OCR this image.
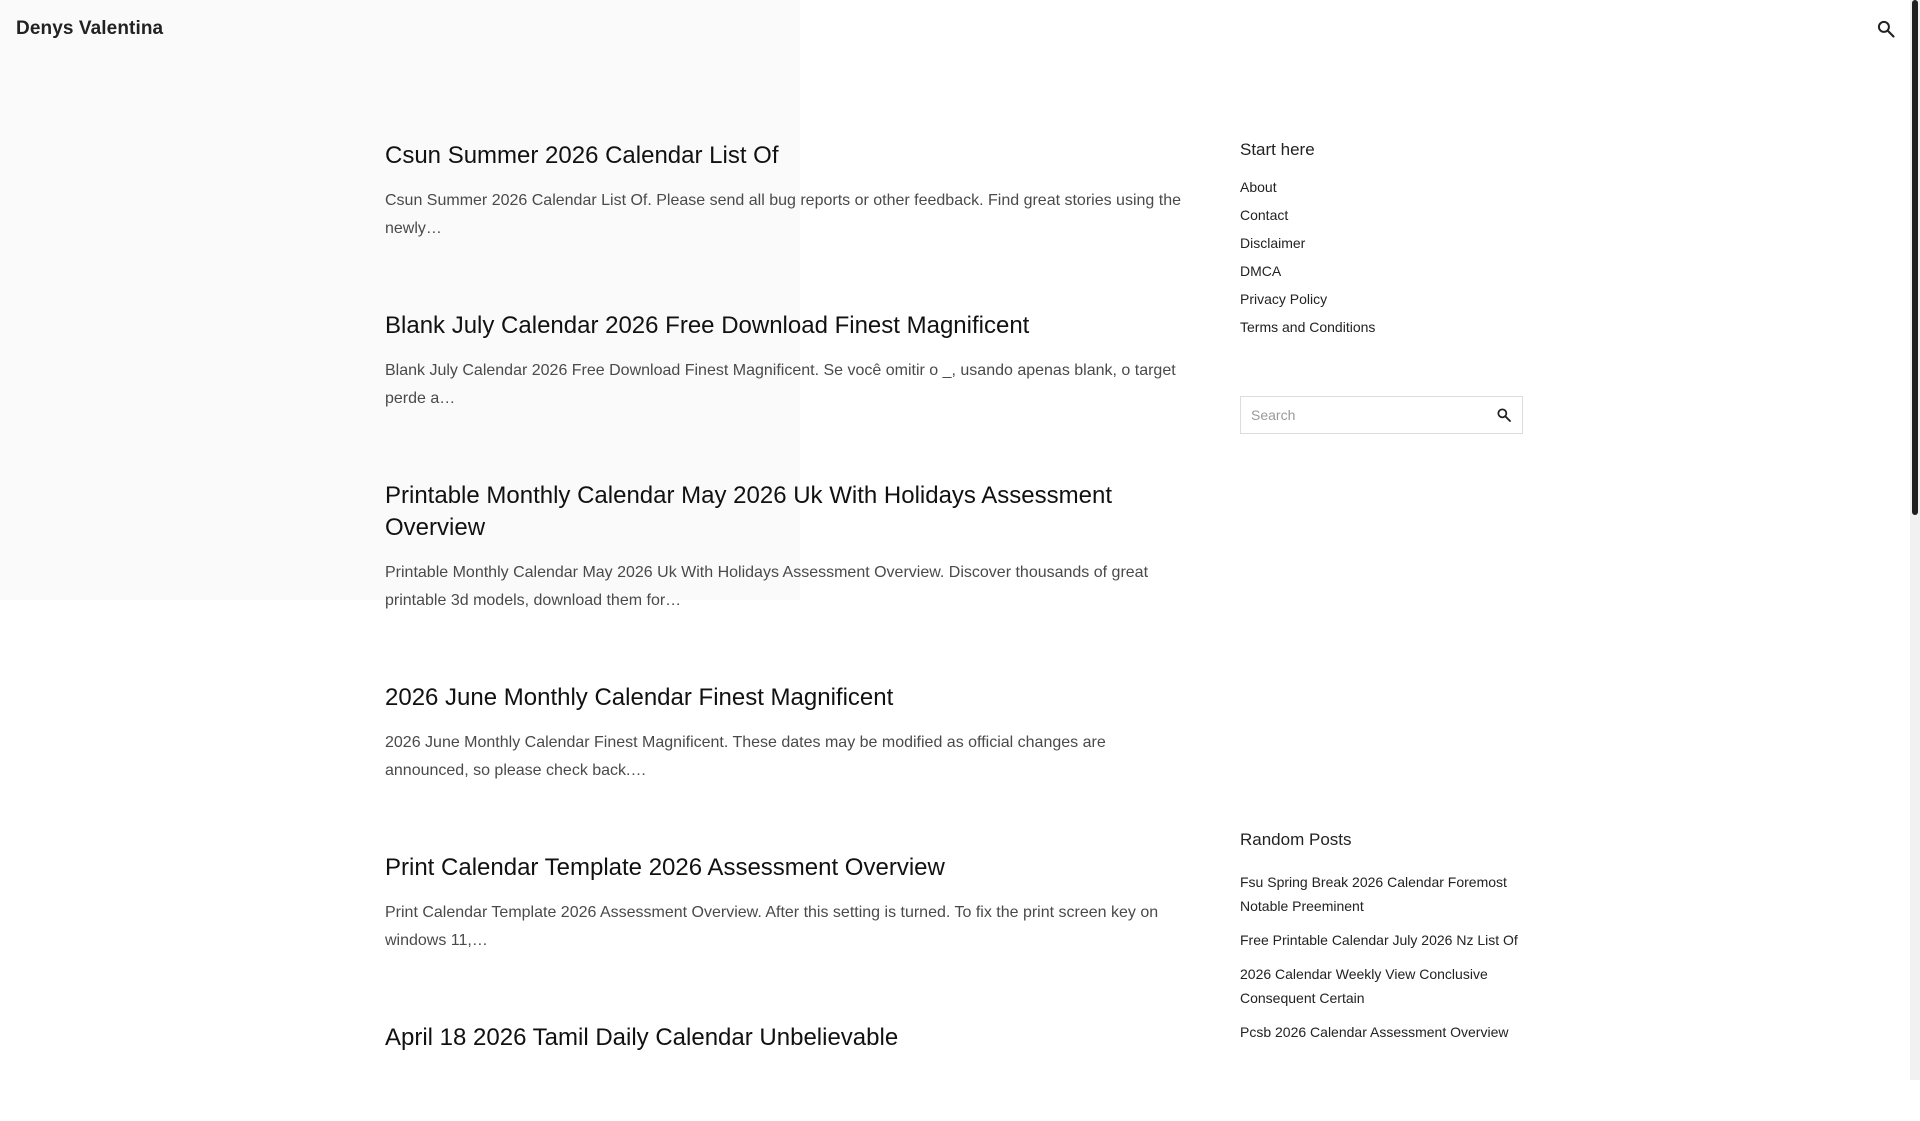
Denys Valentina
Csun Summer 2026 Calendar List Of

Csun Summer 2026 Calendar List Of. Please send all bug reports or other feedback. Find great stories using the newly…

Blank July Calendar 2026 Free Download Finest Magnificent

Blank July Calendar 2026 Free Download Finest Magnificent. Se você omitir o _, usando apenas blank, o target perde a…

Printable Monthly Calendar May 2026 Uk With Holidays Assessment Overview

Printable Monthly Calendar May 2026 Uk With Holidays Assessment Overview. Discover thousands of great printable 3d models, download them for…

2026 June Monthly Calendar Finest Magnificent

2026 June Monthly Calendar Finest Magnificent. These dates may be modified as official changes are announced, so please check back.…

Print Calendar Template 2026 Assessment Overview

Print Calendar Template 2026 Assessment Overview. After this setting is turned. To fix the print screen key on windows 11,…

April 18 2026 Tamil Daily Calendar Unbelievable
Start here
About
Contact
Disclaimer
DMCA
Privacy Policy
Terms and Conditions
Search
Random Posts
Fsu Spring Break 2026 Calendar Foremost Notable Preeminent
Free Printable Calendar July 2026 Nz List Of
2026 Calendar Weekly View Conclusive Consequent Certain
Pcsb 2026 Calendar Assessment Overview
